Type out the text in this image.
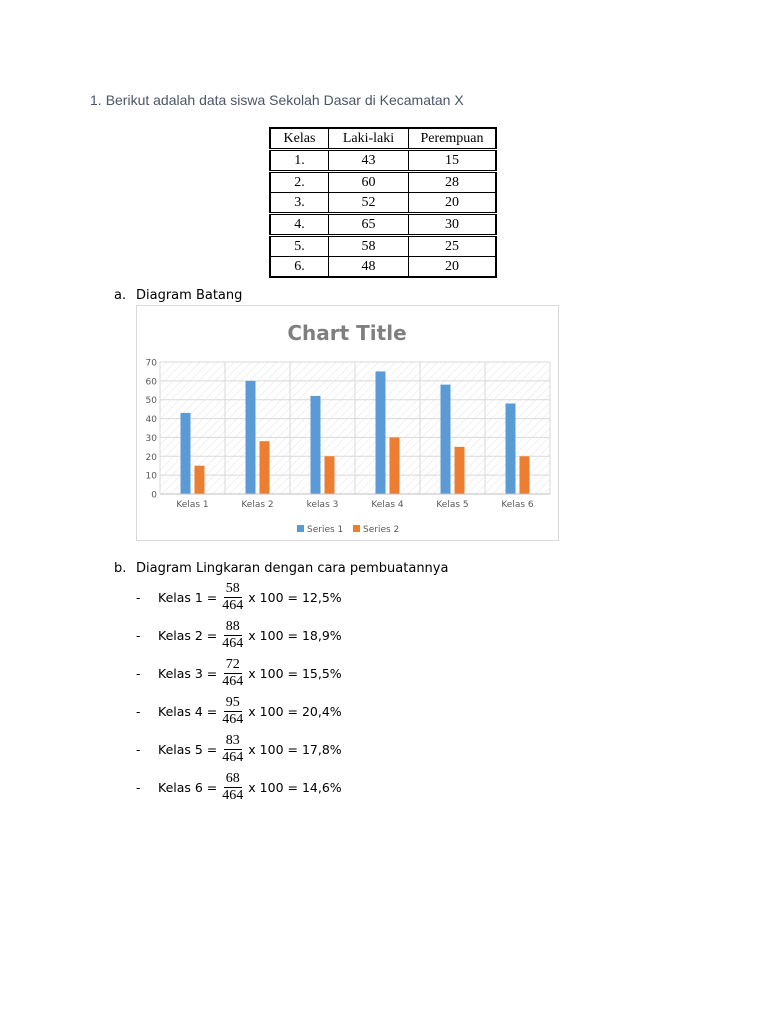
1. Berikut adalah data siswa Sekolah Dasar di Kecamatan X
Kelas	Laki-laki	Perempuan
1.	43	15
2.	60	28
3.	52	20
4.	65	30
5.	58	25
6.	48	20
a. Diagram Batang
Chart Title
0
10
20
30
40
50
60
70
Kelas 1	Kelas 2	kelas 3	Kelas 4	Kelas 5	Kelas 6
Series 1 Series 2
b. Diagram Lingkaran dengan cara pembuatannya
-	Kelas $1 = \frac{58}{464}$ x 100 = 12,5%
-	Kelas $2 = \frac{88}{464}$ x 100 = 18,9%
-	Kelas $3 = \frac{72}{464}$ x 100 = 15,5%
-	Kelas $4 = \frac{95}{464}$ x 100 = 20,4%
-	Kelas $5 = \frac{83}{464}$ x 100 = 17,8%
-	Kelas $6 = \frac{68}{464}$ x 100 = 14,6%
